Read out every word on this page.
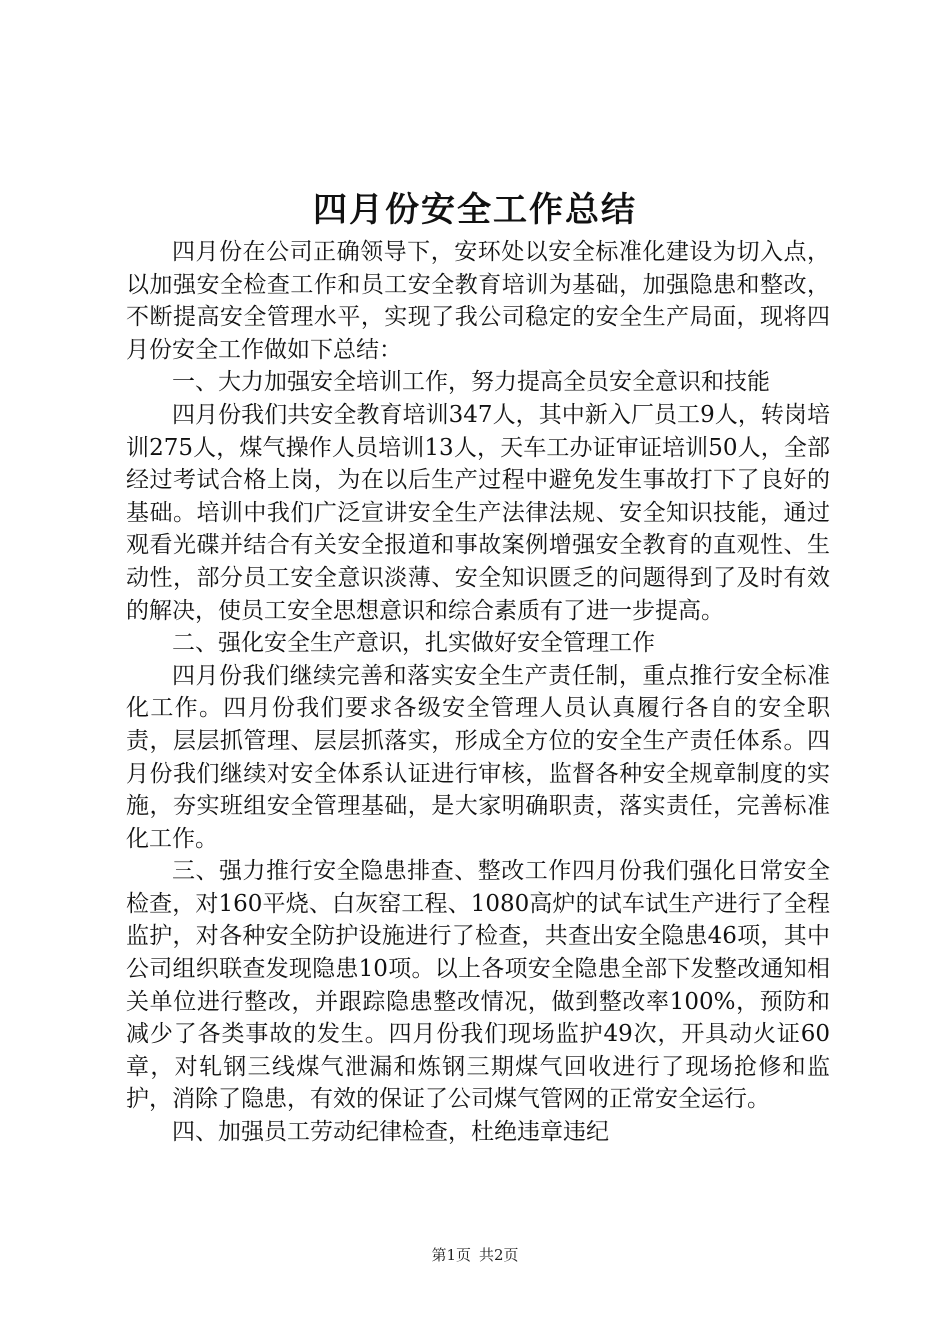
四月份安全工作总结

四月份在公司正确领导下，安环处以安全标准化建设为切入点，以加强安全检查工作和员工安全教育培训为基础，加强隐患和整改，不断提高安全管理水平，实现了我公司稳定的安全生产局面，现将四月份安全工作做如下总结：

一、大力加强安全培训工作，努力提高全员安全意识和技能

四月份我们共安全教育培训347人，其中新入厂员工9人，转岗培训275人，煤气操作人员培训13人，天车工办证审证培训50人，全部经过考试合格上岗，为在以后生产过程中避免发生事故打下了良好的基础。培训中我们广泛宣讲安全生产法律法规、安全知识技能，通过观看光碟并结合有关安全报道和事故案例增强安全教育的直观性、生动性，部分员工安全意识淡薄、安全知识匮乏的问题得到了及时有效的解决，使员工安全思想意识和综合素质有了进一步提高。

二、强化安全生产意识，扎实做好安全管理工作

四月份我们继续完善和落实安全生产责任制，重点推行安全标准化工作。四月份我们要求各级安全管理人员认真履行各自的安全职责，层层抓管理、层层抓落实，形成全方位的安全生产责任体系。四月份我们继续对安全体系认证进行审核，监督各种安全规章制度的实施，夯实班组安全管理基础，是大家明确职责，落实责任，完善标准化工作。

三、强力推行安全隐患排查、整改工作四月份我们强化日常安全检查，对160平烧、白灰窑工程、1080高炉的试车试生产进行了全程监护，对各种安全防护设施进行了检查，共查出安全隐患46项，其中公司组织联查发现隐患10项。以上各项安全隐患全部下发整改通知相关单位进行整改，并跟踪隐患整改情况，做到整改率100%，预防和减少了各类事故的发生。四月份我们现场监护49次，开具动火证60章，对轧钢三线煤气泄漏和炼钢三期煤气回收进行了现场抢修和监护，消除了隐患，有效的保证了公司煤气管网的正常安全运行。

四、加强员工劳动纪律检查，杜绝违章违纪

第1页 共2页
